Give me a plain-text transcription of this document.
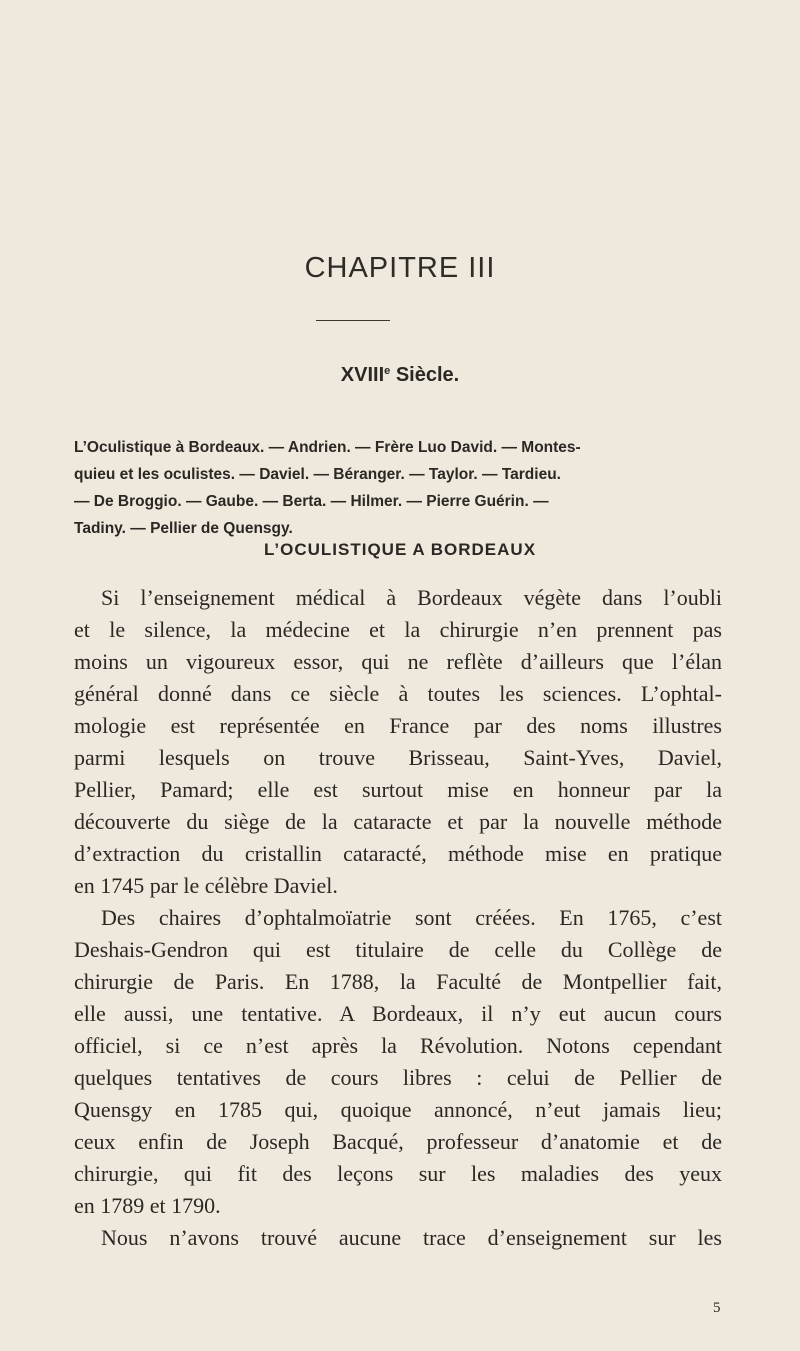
CHAPITRE III
XVIIIe Siècle.
L’Oculistique à Bordeaux. — Andrien. — Frère Luo David. — Montes-
quieu et les oculistes. — Daviel. — Béranger. — Taylor. — Tardieu.
— De Broggio. — Gaube. — Berta. — Hilmer. — Pierre Guérin. —
Tadiny. — Pellier de Quensgy.
L’OCULISTIQUE A BORDEAUX
Si l’enseignement médical à Bordeaux végète dans l’oubli
et le silence, la médecine et la chirurgie n’en prennent pas
moins un vigoureux essor, qui ne reflète d’ailleurs que l’élan
général donné dans ce siècle à toutes les sciences. L’ophtal-
mologie est représentée en France par des noms illustres
parmi lesquels on trouve Brisseau, Saint-Yves, Daviel,
Pellier, Pamard; elle est surtout mise en honneur par la
découverte du siège de la cataracte et par la nouvelle méthode
d’extraction du cristallin cataracté, méthode mise en pratique
en 1745 par le célèbre Daviel.
Des chaires d’ophtalmoïatrie sont créées. En 1765, c’est
Deshais-Gendron qui est titulaire de celle du Collège de
chirurgie de Paris. En 1788, la Faculté de Montpellier fait,
elle aussi, une tentative. A Bordeaux, il n’y eut aucun cours
officiel, si ce n’est après la Révolution. Notons cependant
quelques tentatives de cours libres : celui de Pellier de
Quensgy en 1785 qui, quoique annoncé, n’eut jamais lieu;
ceux enfin de Joseph Bacqué, professeur d’anatomie et de
chirurgie, qui fit des leçons sur les maladies des yeux
en 1789 et 1790.
Nous n’avons trouvé aucune trace d’enseignement sur les
5
